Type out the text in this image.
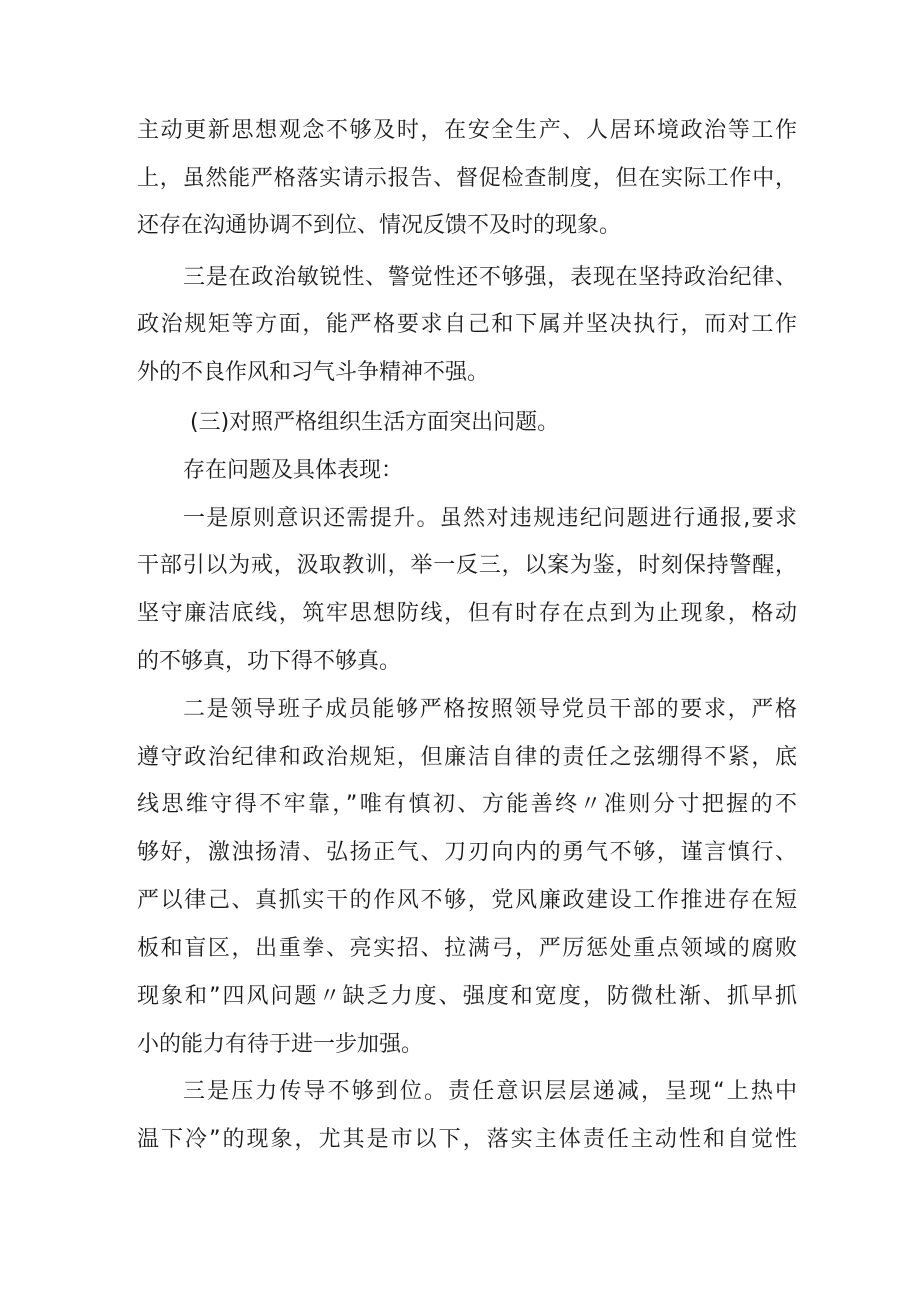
主动更新思想观念不够及时，在安全生产、人居环境政治等工作
上，虽然能严格落实请示报告、督促检查制度，但在实际工作中，
还存在沟通协调不到位、情况反馈不及时的现象。
三是在政治敏锐性、警觉性还不够强，表现在坚持政治纪律、
政治规矩等方面，能严格要求自己和下属并坚决执行，而对工作
外的不良作风和习气斗争精神不强。
(三)对照严格组织生活方面突出问题。
存在问题及具体表现：
一是原则意识还需提升。虽然对违规违纪问题进行通报,要求
干部引以为戒，汲取教训，举一反三，以案为鉴，时刻保持警醒，
坚守廉洁底线，筑牢思想防线，但有时存在点到为止现象，格动
的不够真，功下得不够真。
二是领导班子成员能够严格按照领导党员干部的要求，严格
遵守政治纪律和政治规矩，但廉洁自律的责任之弦绷得不紧，底
线思维守得不牢靠，”唯有慎初、方能善终〃准则分寸把握的不
够好，激浊扬清、弘扬正气、刀刃向内的勇气不够，谨言慎行、
严以律己、真抓实干的作风不够，党风廉政建设工作推进存在短
板和盲区，出重拳、亮实招、拉满弓，严厉惩处重点领域的腐败
现象和”四风问题〃缺乏力度、强度和宽度，防微杜渐、抓早抓
小的能力有待于进一步加强。
三是压力传导不够到位。责任意识层层递减，呈现“上热中
温下冷”的现象，尤其是市以下，落实主体责任主动性和自觉性
